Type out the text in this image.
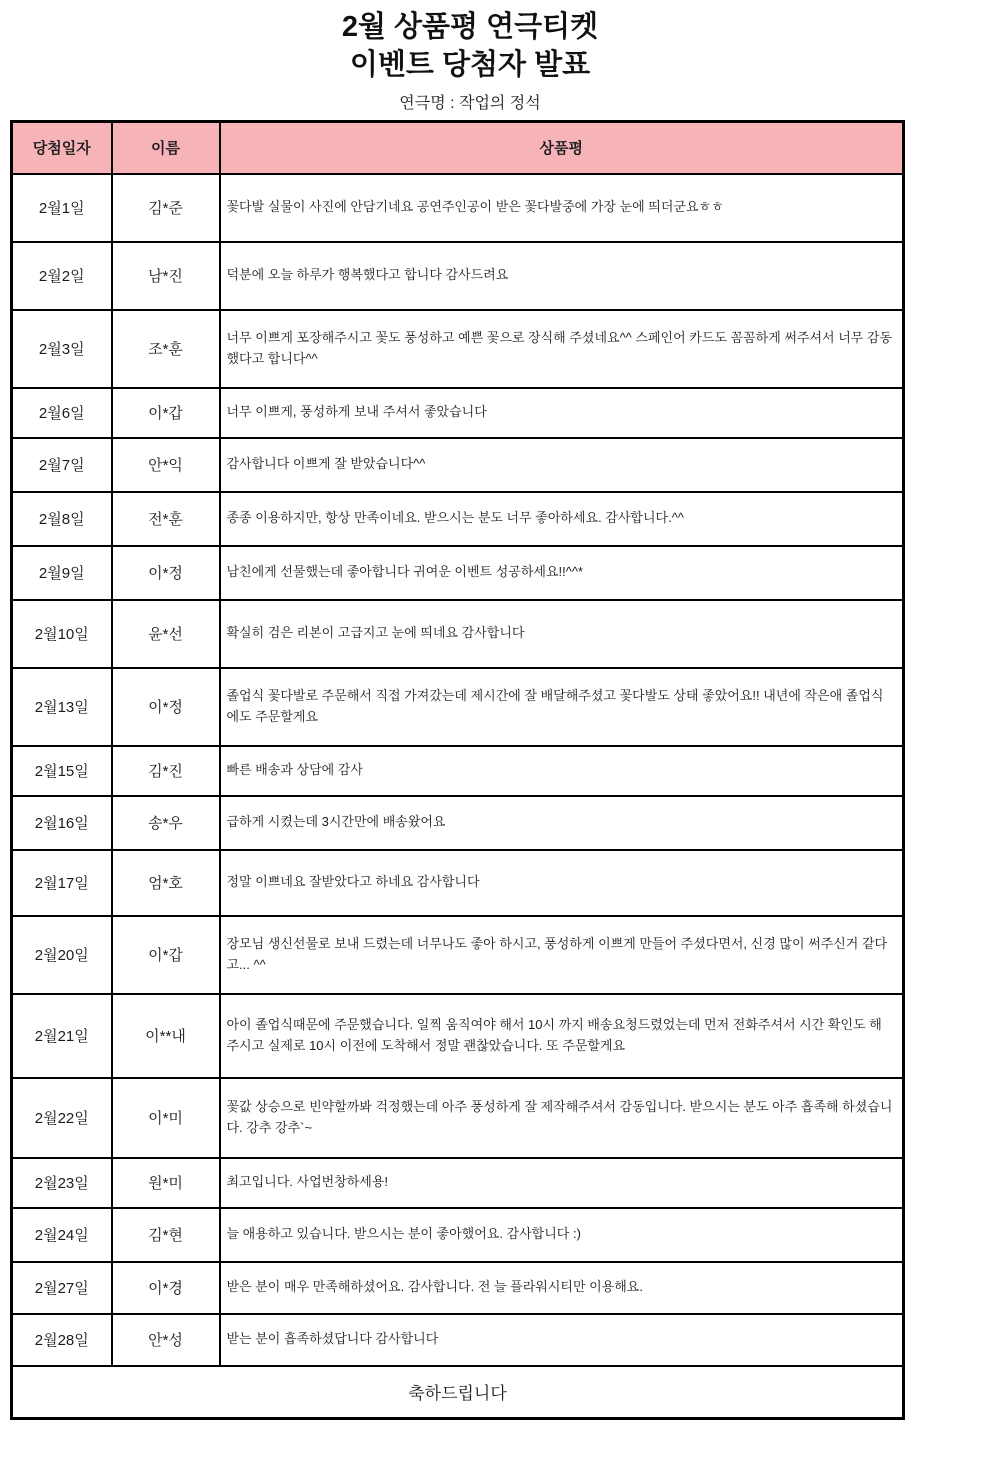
2월 상품평 연극티켓
이벤트 당첨자 발표
연극명 : 작업의 정석
당첨일자	이름	상품평
2월1일	김*준	꽃다발 실물이 사진에 안담기네요 공연주인공이 받은 꽃다발중에 가장 눈에 띄더군요ㅎㅎ
2월2일	남*진	덕분에 오늘 하루가 행복했다고 합니다 감사드려요
2월3일	조*훈	너무 이쁘게 포장해주시고 꽃도 풍성하고 예쁜 꽃으로 장식해 주셨네요^^ 스페인어 카드도 꼼꼼하게 써주셔서 너무 감동했다고 합니다^^
2월6일	이*갑	너무 이쁘게, 풍성하게 보내 주셔서 좋았습니다
2월7일	안*익	감사합니다 이쁘게 잘 받았습니다^^
2월8일	전*훈	종종 이용하지만, 항상 만족이네요. 받으시는 분도 너무 좋아하세요. 감사합니다.^^
2월9일	이*정	남친에게 선물했는데 좋아합니다 귀여운 이벤트 성공하세요!!^^*
2월10일	윤*선	확실히 검은 리본이 고급지고 눈에 띄네요 감사합니다
2월13일	이*정	졸업식 꽃다발로 주문해서 직접 가져갔는데 제시간에 잘 배달해주셨고 꽃다발도 상태 좋았어요!! 내년에 작은애 졸업식에도 주문할게요
2월15일	김*진	빠른 배송과 상담에 감사
2월16일	송*우	급하게 시켰는데 3시간만에 배송왔어요
2월17일	엄*호	정말 이쁘네요 잘받았다고 하네요 감사합니다
2월20일	이*갑	장모님 생신선물로 보내 드렸는데 너무나도 좋아 하시고, 풍성하게 이쁘게 만들어 주셨다면서, 신경 많이 써주신거 같다고... ^^
2월21일	이**내	아이 졸업식때문에 주문했습니다. 일찍 움직여야 해서 10시 까지 배송요청드렸었는데 먼저 전화주셔서 시간 확인도 해주시고 실제로 10시 이전에 도착해서 정말 괜찮았습니다. 또 주문할게요
2월22일	이*미	꽃값 상승으로 빈약할까봐 걱정했는데 아주 풍성하게 잘 제작해주셔서 감동입니다. 받으시는 분도 아주 흡족해 하셨습니다. 강추 강추`~
2월23일	원*미	최고입니다. 사업번창하세용!
2월24일	김*현	늘 애용하고 있습니다. 받으시는 분이 좋아했어요. 감사합니다 :)
2월27일	이*경	받은 분이 매우 만족해하셨어요. 감사합니다. 전 늘 플라워시티만 이용해요.
2월28일	안*성	받는 분이 흡족하셨답니다 감사합니다
축하드립니다		
